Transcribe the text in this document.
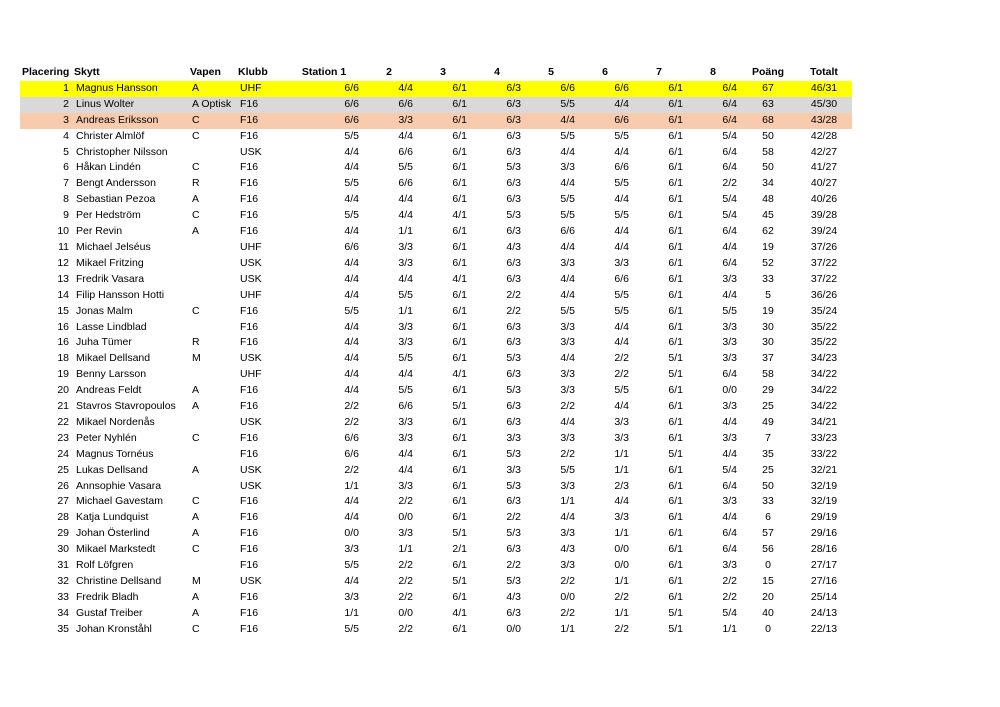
Placering	Skytt	Vapen	Klubb	Station 1	2	3	4	5	6	7	8	Poäng	Totalt
1	Magnus Hansson	A	UHF	6/6	4/4	6/1	6/3	6/6	6/6	6/1	6/4	67	46/31
2	Linus Wolter	A Optisk	F16	6/6	6/6	6/1	6/3	5/5	4/4	6/1	6/4	63	45/30
3	Andreas Eriksson	C	F16	6/6	3/3	6/1	6/3	4/4	6/6	6/1	6/4	68	43/28
4	Christer Almlöf	C	F16	5/5	4/4	6/1	6/3	5/5	5/5	6/1	5/4	50	42/28
5	Christopher Nilsson		USK	4/4	6/6	6/1	6/3	4/4	4/4	6/1	6/4	58	42/27
6	Håkan Lindén	C	F16	4/4	5/5	6/1	5/3	3/3	6/6	6/1	6/4	50	41/27
7	Bengt Andersson	R	F16	5/5	6/6	6/1	6/3	4/4	5/5	6/1	2/2	34	40/27
8	Sebastian Pezoa	A	F16	4/4	4/4	6/1	6/3	5/5	4/4	6/1	5/4	48	40/26
9	Per Hedström	C	F16	5/5	4/4	4/1	5/3	5/5	5/5	6/1	5/4	45	39/28
10	Per Revin	A	F16	4/4	1/1	6/1	6/3	6/6	4/4	6/1	6/4	62	39/24
11	Michael Jelséus		UHF	6/6	3/3	6/1	4/3	4/4	4/4	6/1	4/4	19	37/26
12	Mikael Fritzing		USK	4/4	3/3	6/1	6/3	3/3	3/3	6/1	6/4	52	37/22
13	Fredrik Vasara		USK	4/4	4/4	4/1	6/3	4/4	6/6	6/1	3/3	33	37/22
14	Filip Hansson Hotti		UHF	4/4	5/5	6/1	2/2	4/4	5/5	6/1	4/4	5	36/26
15	Jonas Malm	C	F16	5/5	1/1	6/1	2/2	5/5	5/5	6/1	5/5	19	35/24
16	Lasse Lindblad		F16	4/4	3/3	6/1	6/3	3/3	4/4	6/1	3/3	30	35/22
16	Juha Tümer	R	F16	4/4	3/3	6/1	6/3	3/3	4/4	6/1	3/3	30	35/22
18	Mikael Dellsand	M	USK	4/4	5/5	6/1	5/3	4/4	2/2	5/1	3/3	37	34/23
19	Benny Larsson		UHF	4/4	4/4	4/1	6/3	3/3	2/2	5/1	6/4	58	34/22
20	Andreas Feldt	A	F16	4/4	5/5	6/1	5/3	3/3	5/5	6/1	0/0	29	34/22
21	Stavros Stavropoulos	A	F16	2/2	6/6	5/1	6/3	2/2	4/4	6/1	3/3	25	34/22
22	Mikael Nordenås		USK	2/2	3/3	6/1	6/3	4/4	3/3	6/1	4/4	49	34/21
23	Peter Nyhlén	C	F16	6/6	3/3	6/1	3/3	3/3	3/3	6/1	3/3	7	33/23
24	Magnus Tornéus		F16	6/6	4/4	6/1	5/3	2/2	1/1	5/1	4/4	35	33/22
25	Lukas Dellsand	A	USK	2/2	4/4	6/1	3/3	5/5	1/1	6/1	5/4	25	32/21
26	Annsophie Vasara		USK	1/1	3/3	6/1	5/3	3/3	2/3	6/1	6/4	50	32/19
27	Michael Gavestam	C	F16	4/4	2/2	6/1	6/3	1/1	4/4	6/1	3/3	33	32/19
28	Katja Lundquist	A	F16	4/4	0/0	6/1	2/2	4/4	3/3	6/1	4/4	6	29/19
29	Johan Österlind	A	F16	0/0	3/3	5/1	5/3	3/3	1/1	6/1	6/4	57	29/16
30	Mikael Markstedt	C	F16	3/3	1/1	2/1	6/3	4/3	0/0	6/1	6/4	56	28/16
31	Rolf Löfgren		F16	5/5	2/2	6/1	2/2	3/3	0/0	6/1	3/3	0	27/17
32	Christine Dellsand	M	USK	4/4	2/2	5/1	5/3	2/2	1/1	6/1	2/2	15	27/16
33	Fredrik Bladh	A	F16	3/3	2/2	6/1	4/3	0/0	2/2	6/1	2/2	20	25/14
34	Gustaf Treiber	A	F16	1/1	0/0	4/1	6/3	2/2	1/1	5/1	5/4	40	24/13
35	Johan Kronståhl	C	F16	5/5	2/2	6/1	0/0	1/1	2/2	5/1	1/1	0	22/13
